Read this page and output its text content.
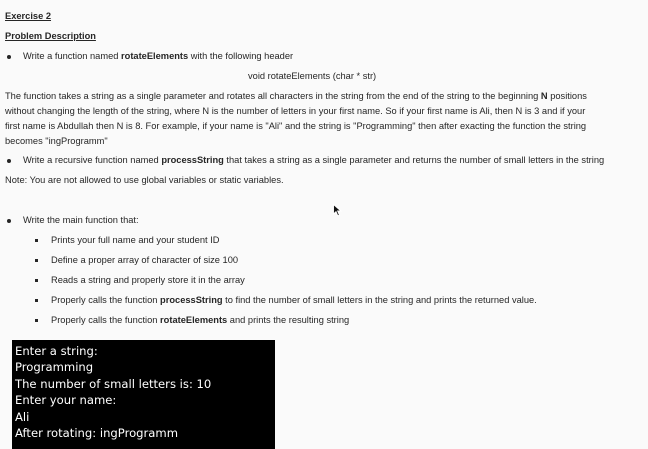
Exercise 2
Problem Description
Write a function named rotateElements with the following header
void rotateElements (char * str)
The function takes a string as a single parameter and rotates all characters in the string from the end of the string to the beginning N positions
without changing the length of the string, where N is the number of letters in your first name. So if your first name is Ali, then N is 3 and if your
first name is Abdullah then N is 8. For example, if your name is "Ali" and the string is "Programming" then after exacting the function the string
becomes "ingProgramm"
Write a recursive function named processString that takes a string as a single parameter and returns the number of small letters in the string
Note: You are not allowed to use global variables or static variables.
Write the main function that:
Prints your full name and your student ID
Define a proper array of character of size 100
Reads a string and properly store it in the array
Properly calls the function processString to find the number of small letters in the string and prints the returned value.
Properly calls the function rotateElements and prints the resulting string
Enter a string:
Programming
The number of small letters is: 10
Enter your name:
Ali
After rotating: ingProgramm
